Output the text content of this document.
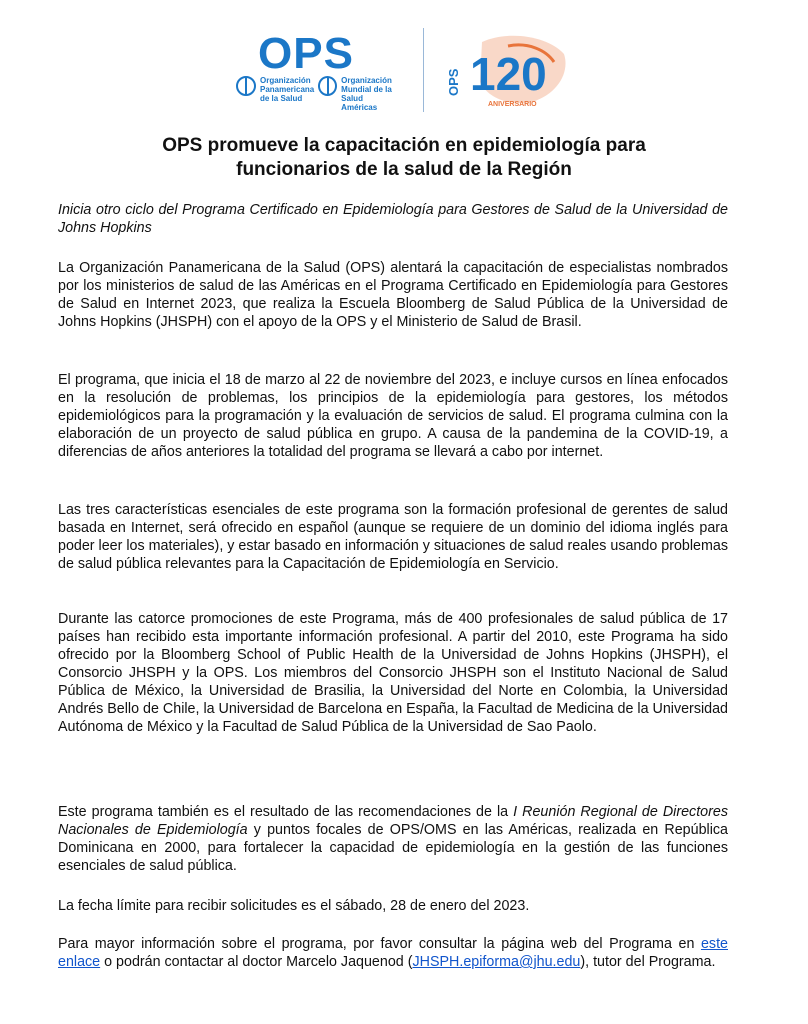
OPS
Organización
Panamericana
de la Salud
Organización
Mundial de la Salud
Américas
OPS 120
ANIVERSARIO
OPS promueve la capacitación en epidemiología para
funcionarios de la salud de la Región

Inicia otro ciclo del Programa Certificado en Epidemiología para Gestores de Salud de la Universidad de Johns Hopkins

La Organización Panamericana de la Salud (OPS) alentará la capacitación de especialistas nombrados por los ministerios de salud de las Américas en el Programa Certificado en Epidemiología para Gestores de Salud en Internet 2023, que realiza la Escuela Bloomberg de Salud Pública de la Universidad de Johns Hopkins (JHSPH) con el apoyo de la OPS y el Ministerio de Salud de Brasil.

El programa, que inicia el 18 de marzo al 22 de noviembre del 2023, e incluye cursos en línea enfocados en la resolución de problemas, los principios de la epidemiología para gestores, los métodos epidemiológicos para la programación y la evaluación de servicios de salud. El programa culmina con la elaboración de un proyecto de salud pública en grupo. A causa de la pandemina de la COVID-19, a diferencias de años anteriores la totalidad del programa se llevará a cabo por internet.

Las tres características esenciales de este programa son la formación profesional de gerentes de salud basada en Internet, será ofrecido en español (aunque se requiere de un dominio del idioma inglés para poder leer los materiales), y estar basado en información y situaciones de salud reales usando problemas de salud pública relevantes para la Capacitación de Epidemiología en Servicio.

Durante las catorce promociones de este Programa, más de 400 profesionales de salud pública de 17 países han recibido esta importante información profesional. A partir del 2010, este Programa ha sido ofrecido por la Bloomberg School of Public Health de la Universidad de Johns Hopkins (JHSPH), el Consorcio JHSPH y la OPS. Los miembros del Consorcio JHSPH son el Instituto Nacional de Salud Pública de México, la Universidad de Brasilia, la Universidad del Norte en Colombia, la Universidad Andrés Bello de Chile, la Universidad de Barcelona en España, la Facultad de Medicina de la Universidad Autónoma de México y la Facultad de Salud Pública de la Universidad de Sao Paolo.

Este programa también es el resultado de las recomendaciones de la I Reunión Regional de Directores Nacionales de Epidemiología y puntos focales de OPS/OMS en las Américas, realizada en República Dominicana en 2000, para fortalecer la capacidad de epidemiología en la gestión de las funciones esenciales de salud pública.

La fecha límite para recibir solicitudes es el sábado, 28 de enero del 2023.

Para mayor información sobre el programa, por favor consultar la página web del Programa en este enlace o podrán contactar al doctor Marcelo Jaquenod (JHSPH.epiforma@jhu.edu), tutor del Programa.
